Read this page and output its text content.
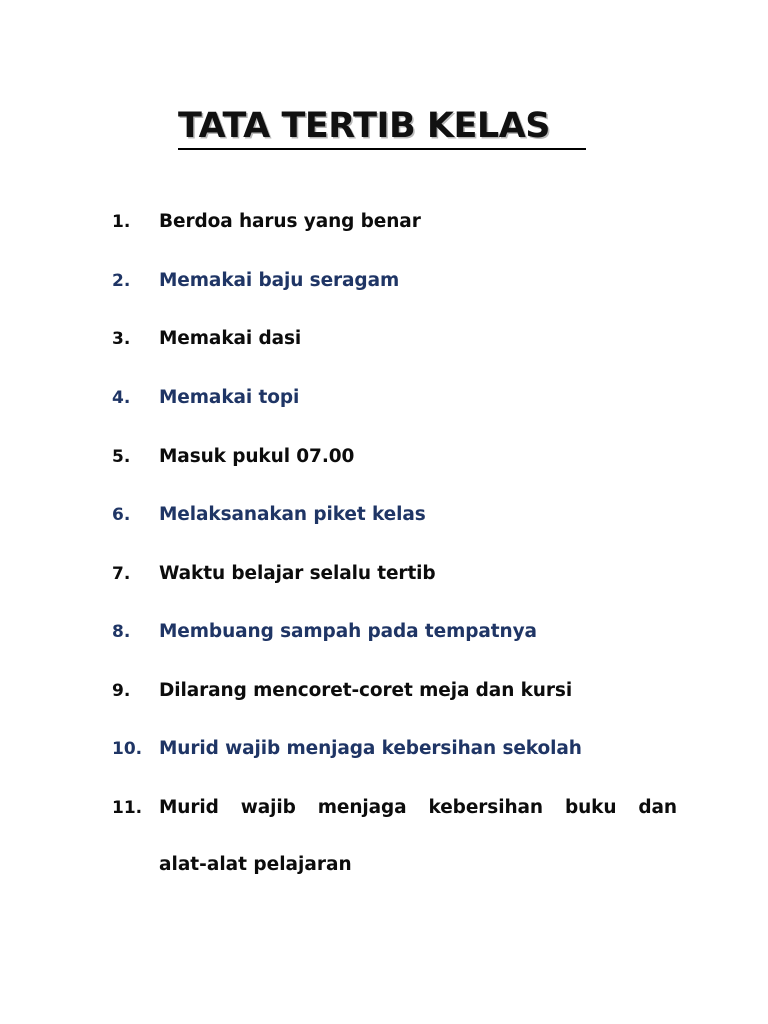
TATA TERTIB KELAS
1. Berdoa harus yang benar
2. Memakai baju seragam
3. Memakai dasi
4. Memakai topi
5. Masuk pukul 07.00
6. Melaksanakan piket kelas
7. Waktu belajar selalu tertib
8. Membuang sampah pada tempatnya
9. Dilarang mencoret-coret meja dan kursi
10. Murid wajib menjaga kebersihan sekolah
11. Murid wajib menjaga kebersihan buku dan
alat-alat pelajaran
